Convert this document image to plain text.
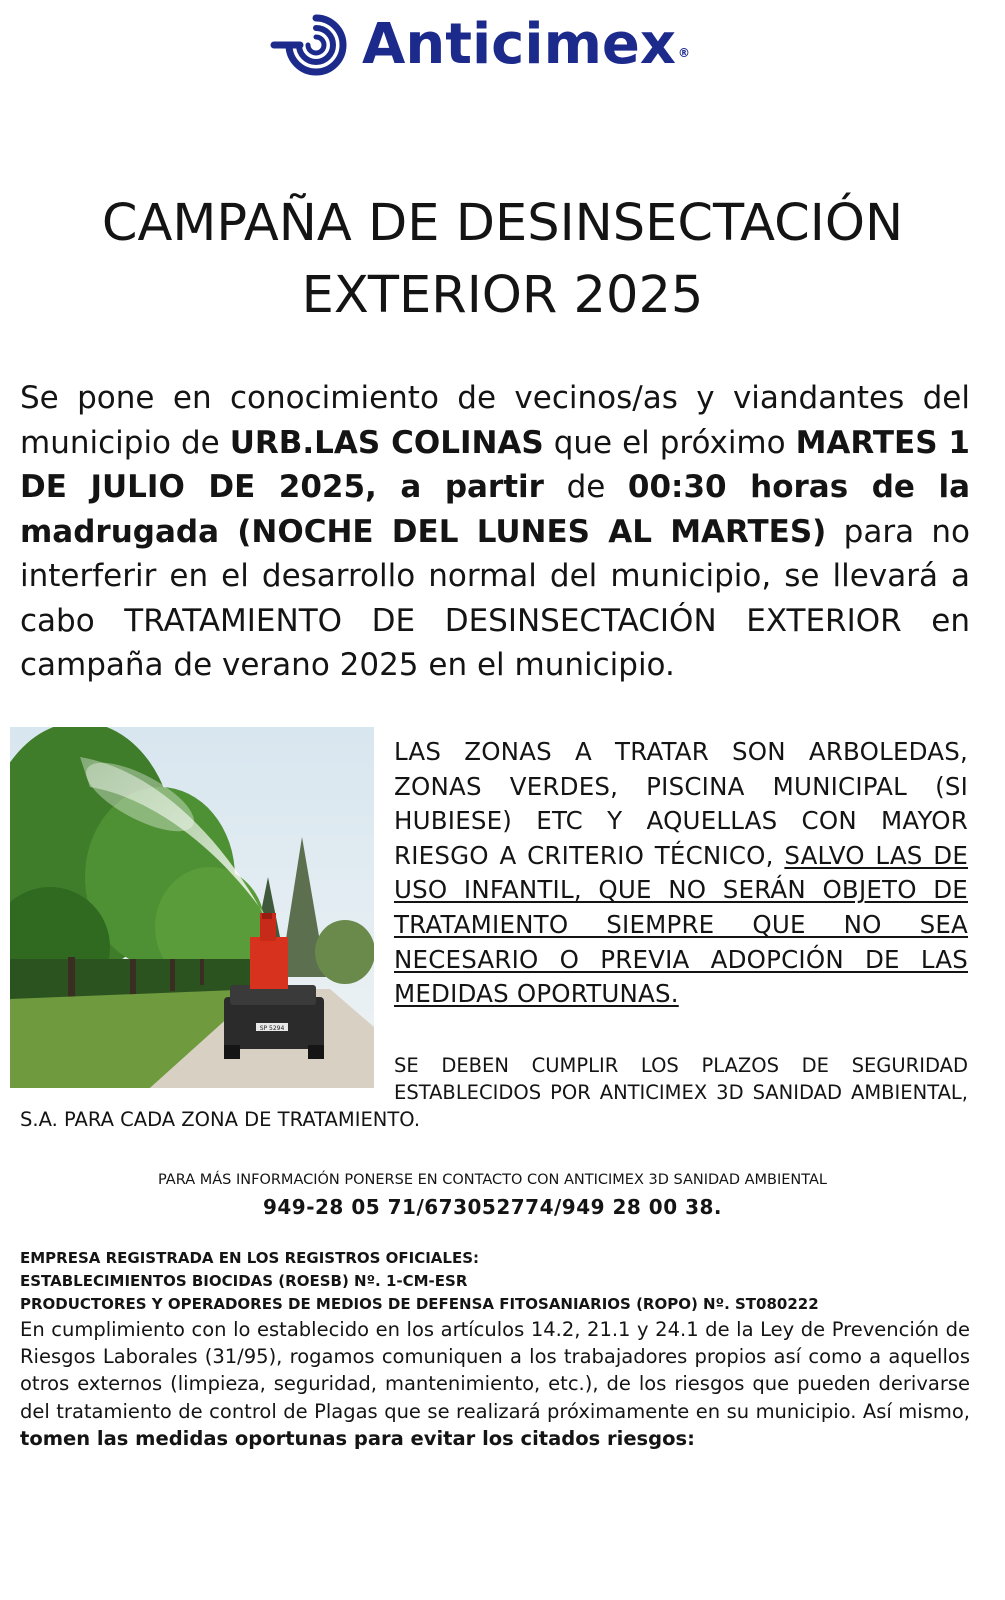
Anticimex ®
CAMPAÑA DE DESINSECTACIÓN
EXTERIOR 2025
Se pone en conocimiento de vecinos/as y viandantes del municipio de URB.LAS COLINAS que el próximo MARTES 1 DE JULIO DE 2025, a partir de 00:30 horas de la madrugada (NOCHE DEL LUNES AL MARTES) para no interferir en el desarrollo normal del municipio, se llevará a cabo TRATAMIENTO DE DESINSECTACIÓN EXTERIOR en campaña de verano 2025 en el municipio.
SP 5294
LAS ZONAS A TRATAR SON ARBOLEDAS,
ZONAS VERDES, PISCINA MUNICIPAL (SI
HUBIESE) ETC Y AQUELLAS CON MAYOR
RIESGO A CRITERIO TÉCNICO, SALVO LAS DE
USO INFANTIL, QUE NO SERÁN OBJETO DE
TRATAMIENTO SIEMPRE QUE NO SEA
NECESARIO O PREVIA ADOPCIÓN DE LAS
MEDIDAS OPORTUNAS.
SE DEBEN CUMPLIR LOS PLAZOS DE SEGURIDAD
ESTABLECIDOS POR ANTICIMEX 3D SANIDAD AMBIENTAL,
S.A. PARA CADA ZONA DE TRATAMIENTO.
PARA MÁS INFORMACIÓN PONERSE EN CONTACTO CON ANTICIMEX 3D SANIDAD AMBIENTAL
949-28 05 71/673052774/949 28 00 38.
EMPRESA REGISTRADA EN LOS REGISTROS OFICIALES:
ESTABLECIMIENTOS BIOCIDAS (ROESB) Nº. 1-CM-ESR
PRODUCTORES Y OPERADORES DE MEDIOS DE DEFENSA FITOSANIARIOS (ROPO) Nº. ST080222
En cumplimiento con lo establecido en los artículos 14.2, 21.1 y 24.1 de la Ley de Prevención de Riesgos Laborales (31/95), rogamos comuniquen a los trabajadores propios así como a aquellos otros externos (limpieza, seguridad, mantenimiento, etc.), de los riesgos que pueden derivarse del tratamiento de control de Plagas que se realizará próximamente en su municipio. Así mismo, tomen las medidas oportunas para evitar los citados riesgos:
